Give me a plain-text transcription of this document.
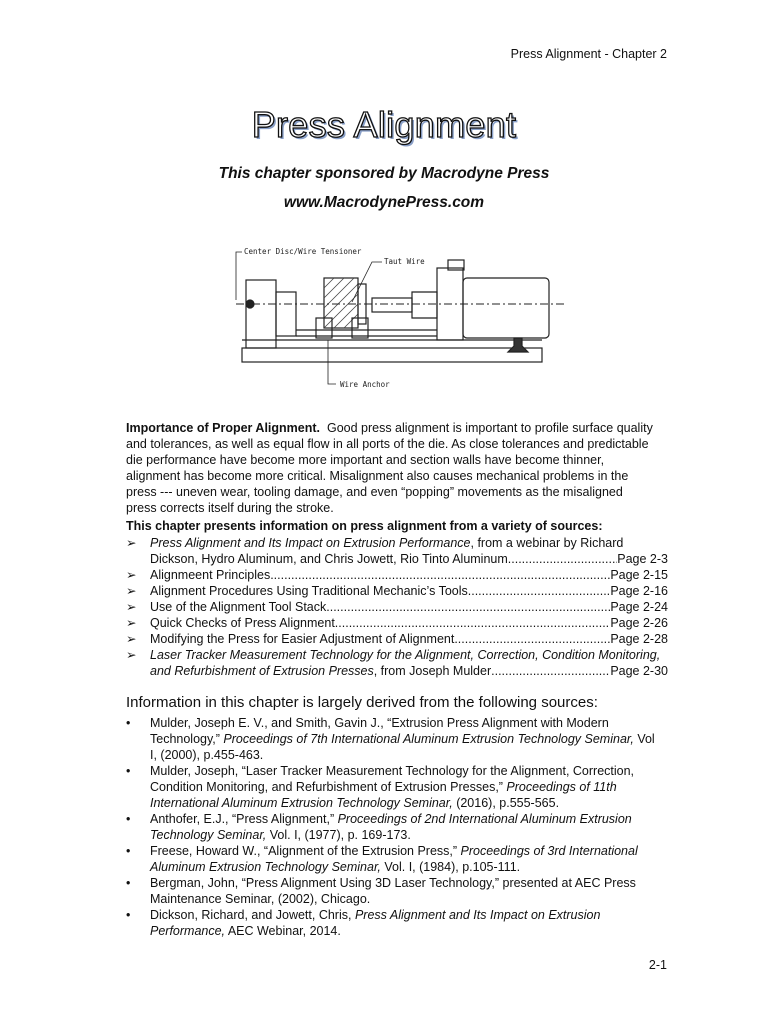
Press Alignment - Chapter 2
Press Alignment
This chapter sponsored by Macrodyne Press
www.MacrodynePress.com
Center Disc/Wire Tensioner
Taut Wire
Wire Anchor
Importance of Proper Alignment. Good press alignment is important to profile surface quality and tolerances, as well as equal flow in all ports of the die. As close tolerances and predictable die performance have become more important and section walls have become thinner, alignment has become more critical. Misalignment also causes mechanical problems in the press --- uneven wear, tooling damage, and even “popping” movements as the misaligned press corrects itself during the stroke.
This chapter presents information on press alignment from a variety of sources:
➢ Press Alignment and Its Impact on Extrusion Performance, from a webinar by Richard
Dickson, Hydro Aluminum, and Chris Jowett, Rio Tinto Aluminum. .....	Page 2-3
➢ Alignmeent Principles .....	Page 2-15
➢ Alignment Procedures Using Traditional Mechanic’s Tools .....	Page 2-16
➢ Use of the Alignment Tool Stack .....	Page 2-24
➢ Quick Checks of Press Alignment .....	Page 2-26
➢ Modifying the Press for Easier Adjustment of Alignment .....	Page 2-28
➢ Laser Tracker Measurement Technology for the Alignment, Correction, Condition Monitoring,
and Refurbishment of Extrusion Presses, from Joseph Mulder .....	Page 2-30
Information in this chapter is largely derived from the following sources:
• Mulder, Joseph E. V., and Smith, Gavin J., “Extrusion Press Alignment with Modern Technology,” Proceedings of 7th International Aluminum Extrusion Technology Seminar, Vol I, (2000), p.455-463.
• Mulder, Joseph, “Laser Tracker Measurement Technology for the Alignment, Correction, Condition Monitoring, and Refurbishment of Extrusion Presses,” Proceedings of 11th International Aluminum Extrusion Technology Seminar, (2016), p.555-565.
• Anthofer, E.J., “Press Alignment,” Proceedings of 2nd International Aluminum Extrusion Technology Seminar, Vol. I, (1977), p. 169-173.
• Freese, Howard W., “Alignment of the Extrusion Press,” Proceedings of 3rd International Aluminum Extrusion Technology Seminar, Vol. I, (1984), p.105-111.
• Bergman, John, “Press Alignment Using 3D Laser Technology,” presented at AEC Press Maintenance Seminar, (2002), Chicago.
• Dickson, Richard, and Jowett, Chris, Press Alignment and Its Impact on Extrusion Performance, AEC Webinar, 2014.
2-1
